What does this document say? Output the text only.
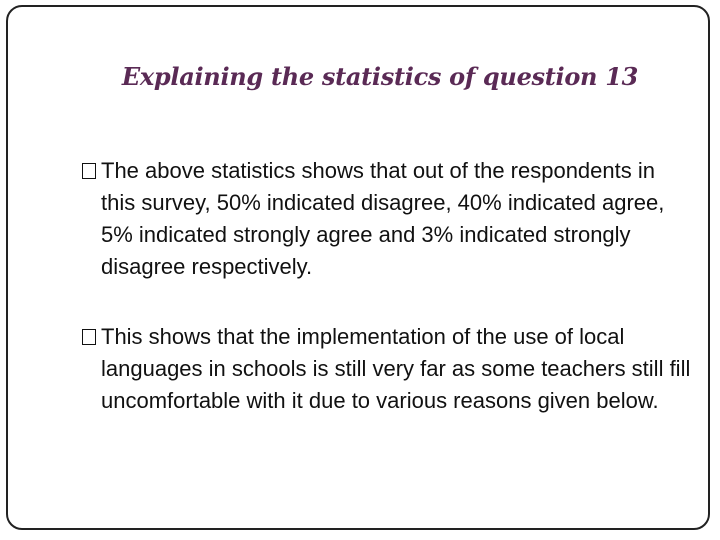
Explaining the statistics of question 13
The above statistics shows that out of the respondents in this survey, 50% indicated disagree, 40% indicated agree, 5% indicated strongly agree and 3% indicated strongly disagree respectively.
This shows that the implementation of the use of local languages in schools is still very far as some teachers still fill uncomfortable with it due to various reasons given below.
